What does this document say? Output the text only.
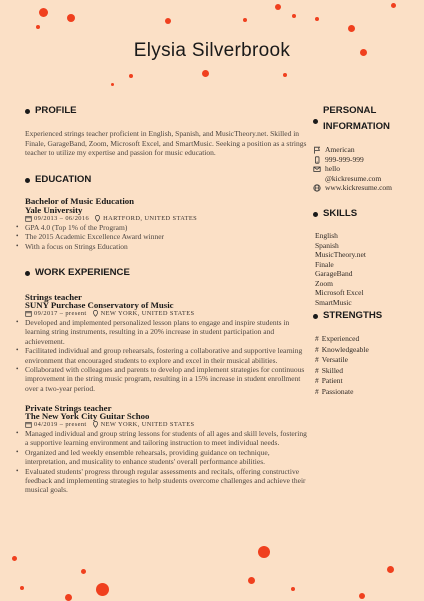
Elysia Silverbrook
PROFILE
Experienced strings teacher proficient in English, Spanish, and MusicTheory.net. Skilled in Finale, GarageBand, Zoom, Microsoft Excel, and SmartMusic. Seeking a position as a strings teacher to utilize my expertise and passion for music education.
EDUCATION
Bachelor of Music Education
Yale University
09/2013 – 06/2016 HARTFORD, UNITED STATES
• GPA 4.0 (Top 1% of the Program)
• The 2015 Academic Excellence Award winner
• With a focus on Strings Education
WORK EXPERIENCE
Strings teacher
SUNY Purchase Conservatory of Music
09/2017 – present NEW YORK, UNITED STATES
• Developed and implemented personalized lesson plans to engage and inspire students in learning string instruments, resulting in a 20% increase in student participation and achievement.
• Facilitated individual and group rehearsals, fostering a collaborative and supportive learning environment that encouraged students to explore and excel in their musical abilities.
• Collaborated with colleagues and parents to develop and implement strategies for continuous improvement in the string music program, resulting in a 15% increase in student enrollment over a two-year period.
Private Strings teacher
The New York City Guitar Schoo
04/2019 – present NEW YORK, UNITED STATES
• Managed individual and group string lessons for students of all ages and skill levels, fostering a supportive learning environment and tailoring instruction to meet individual needs.
• Organized and led weekly ensemble rehearsals, providing guidance on technique, interpretation, and musicality to enhance students' overall performance abilities.
• Evaluated students' progress through regular assessments and recitals, offering constructive feedback and implementing strategies to help students overcome challenges and achieve their musical goals.
PERSONAL
INFORMATION
American
999-999-999
hello
@kickresume.com
www.kickresume.com
SKILLS
English
Spanish
MusicTheory.net
Finale
GarageBand
Zoom
Microsoft Excel
SmartMusic
STRENGTHS
# Experienced
# Knowledgeable
# Versatile
# Skilled
# Patient
# Passionate
